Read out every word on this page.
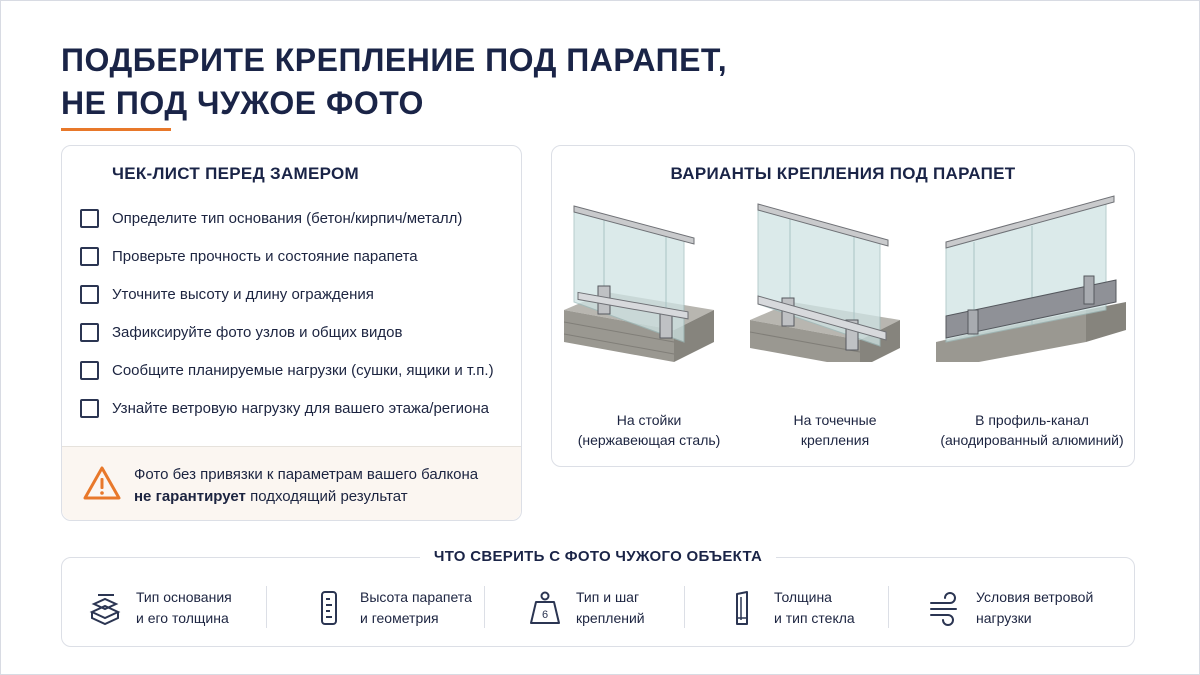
ПОДБЕРИТЕ КРЕПЛЕНИЕ ПОД ПАРАПЕТ,
НЕ ПОД ЧУЖОЕ ФОТО
ЧЕК-ЛИСТ ПЕРЕД ЗАМЕРОМ
Определите тип основания (бетон/кирпич/металл)
Проверьте прочность и состояние парапета
Уточните высоту и длину ограждения
Зафиксируйте фото узлов и общих видов
Сообщите планируемые нагрузки (сушки, ящики и т.п.)
Узнайте ветровую нагрузку для вашего этажа/региона
Фото без привязки к параметрам вашего балкона
не гарантирует подходящий результат
ВАРИАНТЫ КРЕПЛЕНИЯ ПОД ПАРАПЕТ
На стойки
(нержавеющая сталь)
На точечные
крепления
В профиль-канал
(анодированный алюминий)
ЧТО СВЕРИТЬ С ФОТО ЧУЖОГО ОБЪЕКТА
Тип основания
и его толщина
Высота парапета
и геометрия	6
Тип и шаг
креплений
Толщина
и тип стекла
Условия ветровой
нагрузки
